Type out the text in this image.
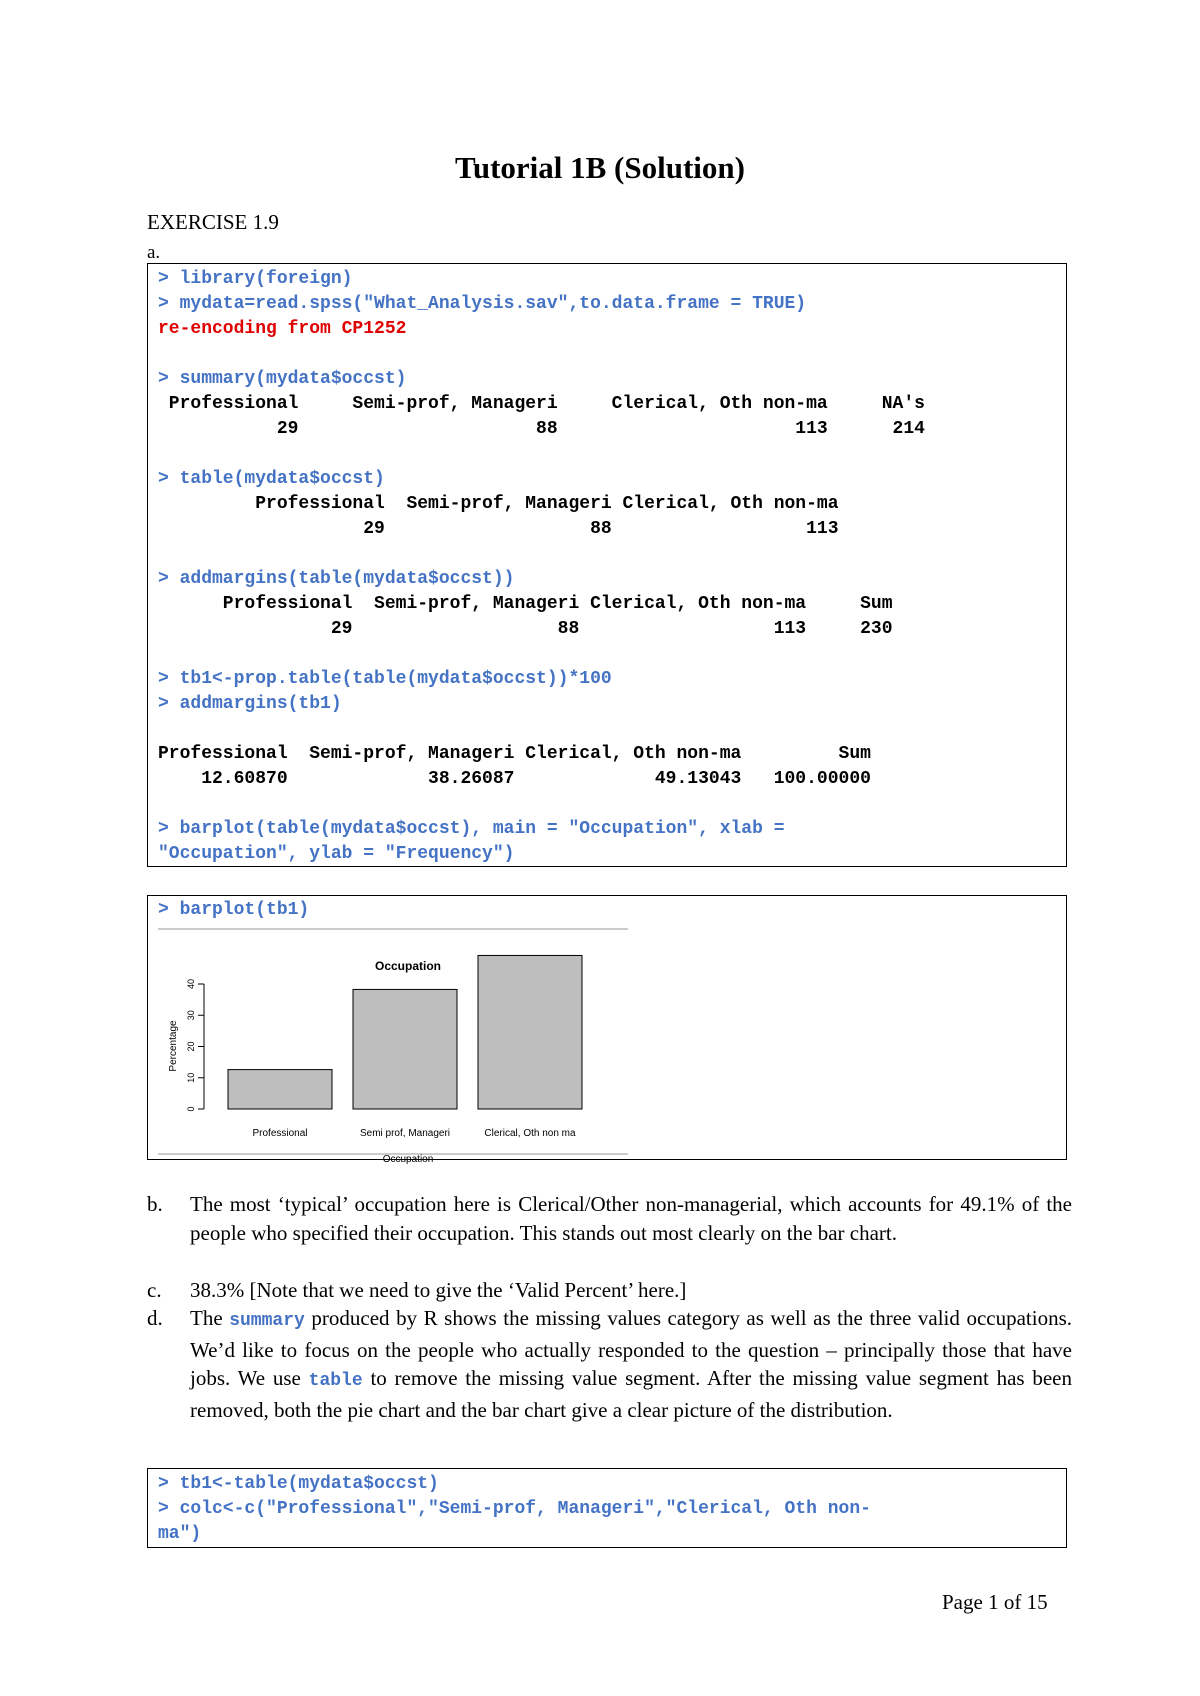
Tutorial 1B (Solution)
EXERCISE 1.9
a.
> library(foreign)
> mydata=read.spss("What_Analysis.sav",to.data.frame = TRUE)
re-encoding from CP1252
> summary(mydata$occst)
Professional     Semi-prof, Manageri     Clerical, Oth non-ma     NA's
29                      88                      113      214
> table(mydata$occst)
Professional  Semi-prof, Manageri Clerical, Oth non-ma
29                   88                  113
> addmargins(table(mydata$occst))
Professional  Semi-prof, Manageri Clerical, Oth non-ma     Sum
29                   88                  113     230
> tb1<-prop.table(table(mydata$occst))*100
> addmargins(tb1)
Professional  Semi-prof, Manageri Clerical, Oth non-ma         Sum
12.60870             38.26087             49.13043   100.00000
> barplot(table(mydata$occst), main = "Occupation", xlab =
"Occupation", ylab = "Frequency")
> barplot(tb1)
Occupation
0
10
20
30
40
Percentage
Professional	Semi prof, Manageri	Clerical, Oth non ma
Occupation
b. The most ‘typical’ occupation here is Clerical/Other non-managerial, which accounts for 49.1% of the people who specified their occupation. This stands out most clearly on the bar chart.
c. 38.3% [Note that we need to give the ‘Valid Percent’ here.]
d. The summary produced by R shows the missing values category as well as the three valid occupations. We’d like to focus on the people who actually responded to the question – principally those that have jobs. We use table to remove the missing value segment. After the missing value segment has been removed, both the pie chart and the bar chart give a clear picture of the distribution.
> tb1<-table(mydata$occst)
> colc<-c("Professional","Semi-prof, Manageri","Clerical, Oth non-
ma")
Page 1 of 15
